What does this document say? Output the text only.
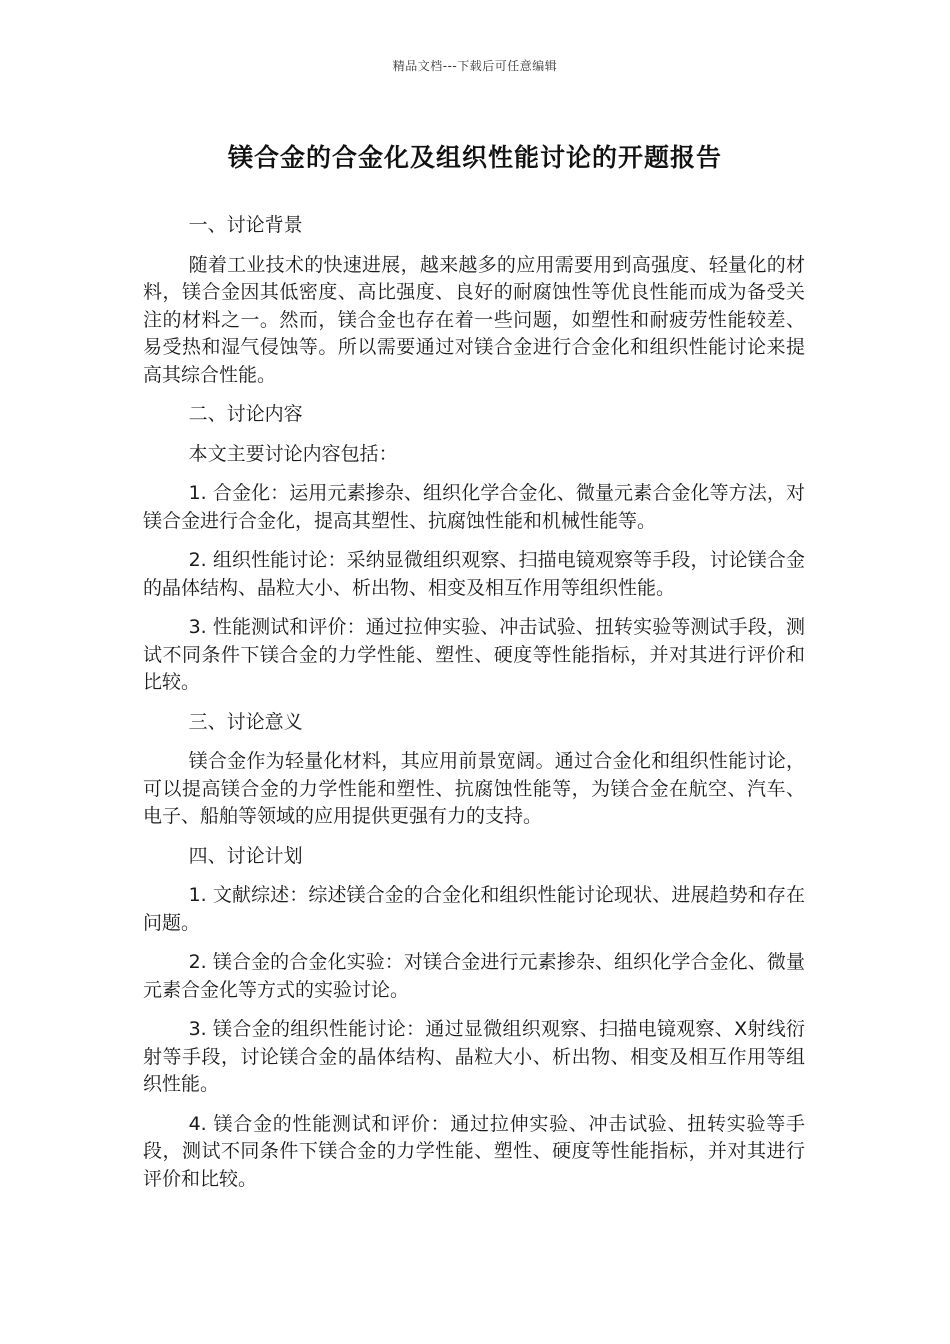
精品文档---下载后可任意编辑
镁合金的合金化及组织性能讨论的开题报告

一、讨论背景

随着工业技术的快速进展，越来越多的应用需要用到高强度、轻量化的材料，镁合金因其低密度、高比强度、良好的耐腐蚀性等优良性能而成为备受关注的材料之一。然而，镁合金也存在着一些问题，如塑性和耐疲劳性能较差、易受热和湿气侵蚀等。所以需要通过对镁合金进行合金化和组织性能讨论来提高其综合性能。

二、讨论内容

本文主要讨论内容包括：

1. 合金化：运用元素掺杂、组织化学合金化、微量元素合金化等方法，对镁合金进行合金化，提高其塑性、抗腐蚀性能和机械性能等。

2. 组织性能讨论：采纳显微组织观察、扫描电镜观察等手段，讨论镁合金的晶体结构、晶粒大小、析出物、相变及相互作用等组织性能。

3. 性能测试和评价：通过拉伸实验、冲击试验、扭转实验等测试手段，测试不同条件下镁合金的力学性能、塑性、硬度等性能指标，并对其进行评价和比较。

三、讨论意义

镁合金作为轻量化材料，其应用前景宽阔。通过合金化和组织性能讨论，可以提高镁合金的力学性能和塑性、抗腐蚀性能等，为镁合金在航空、汽车、电子、船舶等领域的应用提供更强有力的支持。

四、讨论计划

1. 文献综述：综述镁合金的合金化和组织性能讨论现状、进展趋势和存在问题。

2. 镁合金的合金化实验：对镁合金进行元素掺杂、组织化学合金化、微量元素合金化等方式的实验讨论。

3. 镁合金的组织性能讨论：通过显微组织观察、扫描电镜观察、X射线衍射等手段，讨论镁合金的晶体结构、晶粒大小、析出物、相变及相互作用等组织性能。

4. 镁合金的性能测试和评价：通过拉伸实验、冲击试验、扭转实验等手段，测试不同条件下镁合金的力学性能、塑性、硬度等性能指标，并对其进行评价和比较。
